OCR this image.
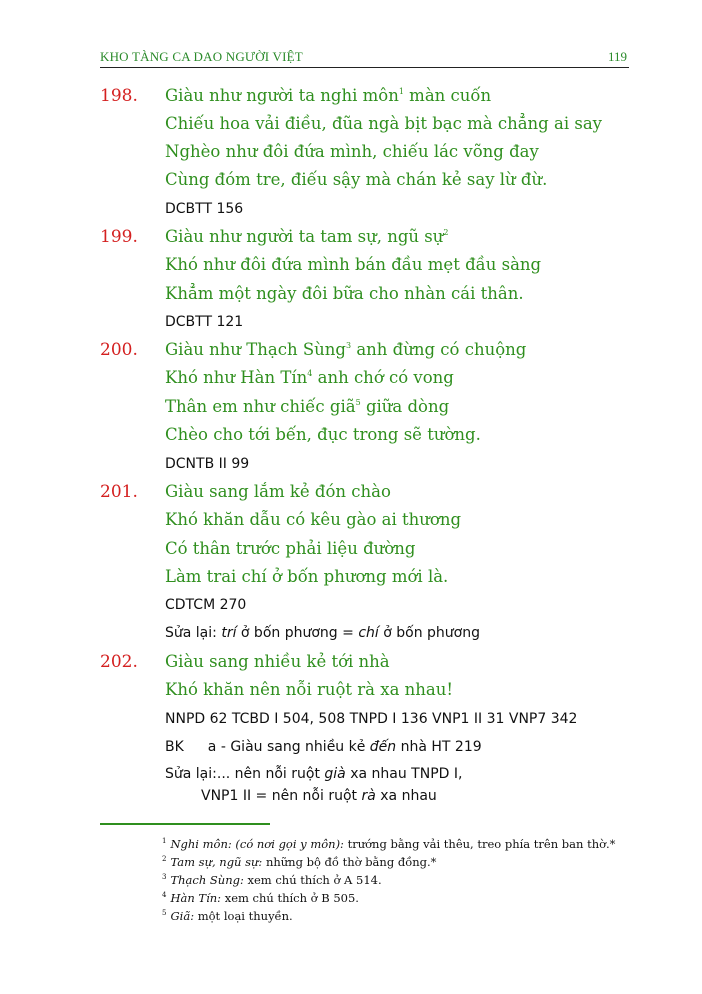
KHO TÀNG CA DAO NGƯỜI VIỆT	119
198. Giàu như người ta nghi môn$^1$ màn cuốn
Chiếu hoa vải điều, đũa ngà bịt bạc mà chẳng ai say
Nghèo như đôi đứa mình, chiếu lác võng đay
Cùng đóm tre, điếu sậy mà chán kẻ say lừ đừ.
DCBTT 156
199. Giàu như người ta tam sự, ngũ sự$^2$
Khó như đôi đứa mình bán đầu mẹt đầu sàng
Khẳm một ngày đôi bữa cho nhàn cái thân.
DCBTT 121
200. Giàu như Thạch Sùng$^3$ anh đừng có chuộng
Khó như Hàn Tín$^4$ anh chớ có vong
Thân em như chiếc giã$^5$ giữa dòng
Chèo cho tới bến, đục trong sẽ tường.
DCNTB II 99
201. Giàu sang lắm kẻ đón chào
Khó khăn dẫu có kêu gào ai thương
Có thân trước phải liệu đường
Làm trai chí ở bốn phương mới là.
CDTCM 270
Sửa lại: trí ở bốn phương = chí ở bốn phương
202. Giàu sang nhiều kẻ tới nhà
Khó khăn nên nỗi ruột rà xa nhau!
NNPD 62 TCBD I 504, 508 TNPD I 136 VNP1 II 31 VNP7 342
BK a - Giàu sang nhiều kẻ đến nhà HT 219
Sửa lại:... nên nỗi ruột già xa nhau TNPD I,
VNP1 II = nên nỗi ruột rà xa nhau
$^1$ Nghi môn: (có nơi gọi y môn): trướng bằng vải thêu, treo phía trên ban thờ.*
$^2$ Tam sự, ngũ sự: những bộ đồ thờ bằng đồng.*
$^3$ Thạch Sùng: xem chú thích ở A 514.
$^4$ Hàn Tín: xem chú thích ở B 505.
$^5$ Giã: một loại thuyền.
